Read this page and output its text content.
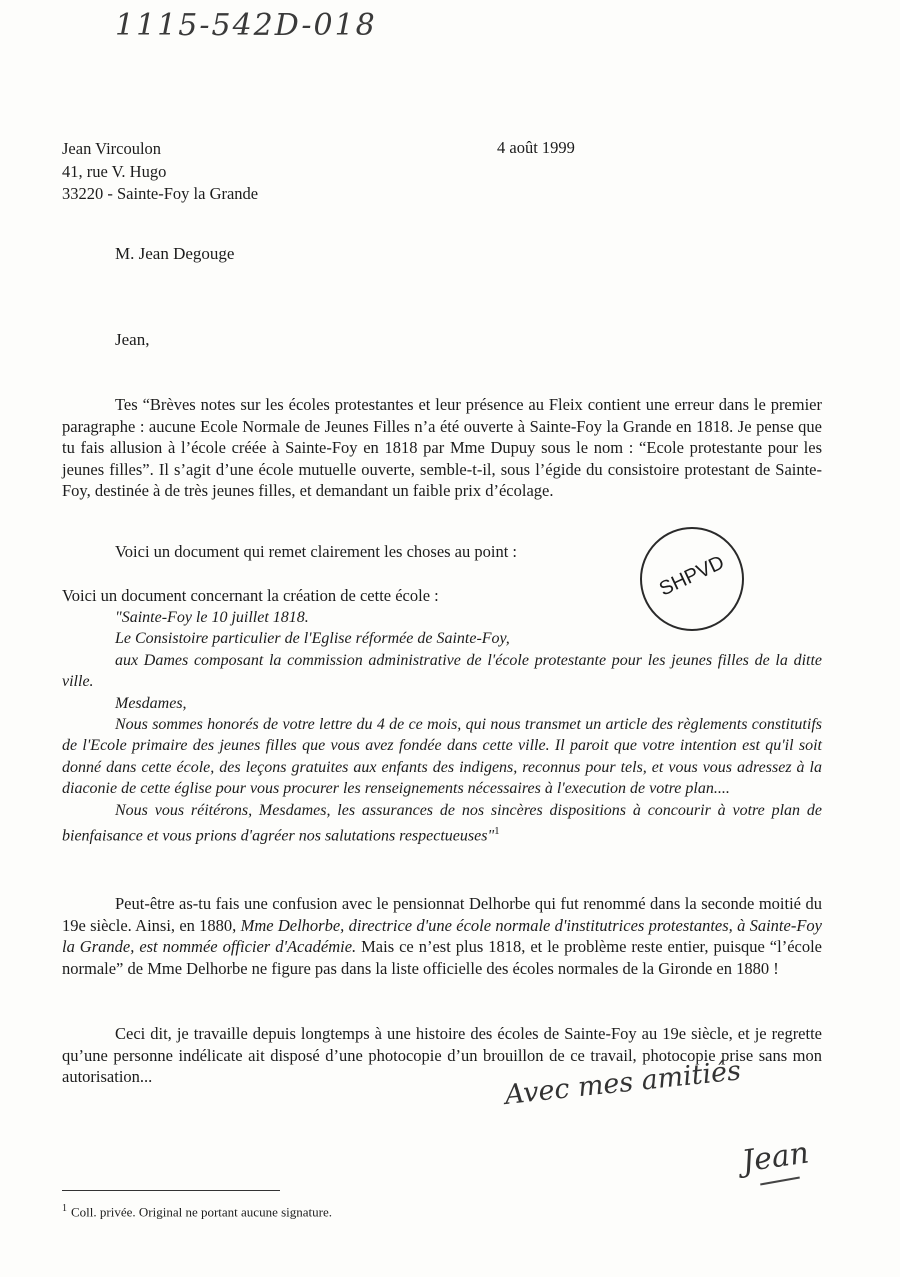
1115-542D-018
Jean Vircoulon
41, rue V. Hugo
33220 - Sainte-Foy la Grande
4 août 1999
M. Jean Degouge
Jean,
Tes “Brèves notes sur les écoles protestantes et leur présence au Fleix contient une erreur dans le premier paragraphe : aucune Ecole Normale de Jeunes Filles n’a été ouverte à Sainte-Foy la Grande en 1818. Je pense que tu fais allusion à l’école créée à Sainte-Foy en 1818 par Mme Dupuy sous le nom : “Ecole protestante pour les jeunes filles”. Il s’agit d’une école mutuelle ouverte, semble-t-il, sous l’égide du consistoire protestant de Sainte-Foy, destinée à de très jeunes filles, et demandant un faible prix d’écolage.
Voici un document qui remet clairement les choses au point :
Voici un document concernant la création de cette école :	SHPVD
"Sainte-Foy le 10 juillet 1818.
Le Consistoire particulier de l'Eglise réformée de Sainte-Foy,
aux Dames composant la commission administrative de l'école protestante pour les jeunes filles de la ditte ville.
Mesdames,
Nous sommes honorés de votre lettre du 4 de ce mois, qui nous transmet un article des règlements constitutifs de l'Ecole primaire des jeunes filles que vous avez fondée dans cette ville. Il paroit que votre intention est qu'il soit donné dans cette école, des leçons gratuites aux enfants des indigens, reconnus pour tels, et vous vous adressez à la diaconie de cette église pour vous procurer les renseignements nécessaires à l'execution de votre plan....
Nous vous réitérons, Mesdames, les assurances de nos sincères dispositions à concourir à votre plan de bienfaisance et vous prions d'agréer nos salutations respectueuses"$^1$
Peut-être as-tu fais une confusion avec le pensionnat Delhorbe qui fut renommé dans la seconde moitié du 19e siècle. Ainsi, en 1880, Mme Delhorbe, directrice d'une école normale d'institutrices protestantes, à Sainte-Foy la Grande, est nommée officier d'Académie. Mais ce n’est plus 1818, et le problème reste entier, puisque “l’école normale” de Mme Delhorbe ne figure pas dans la liste officielle des écoles normales de la Gironde en 1880 !
Ceci dit, je travaille depuis longtemps à une histoire des écoles de Sainte-Foy au 19e siècle, et je regrette qu’une personne indélicate ait disposé d’une photocopie d’un brouillon de ce travail, photocopie prise sans mon autorisation...	Avec mes amitiés
Jean
$^1$ Coll. privée. Original ne portant aucune signature.
